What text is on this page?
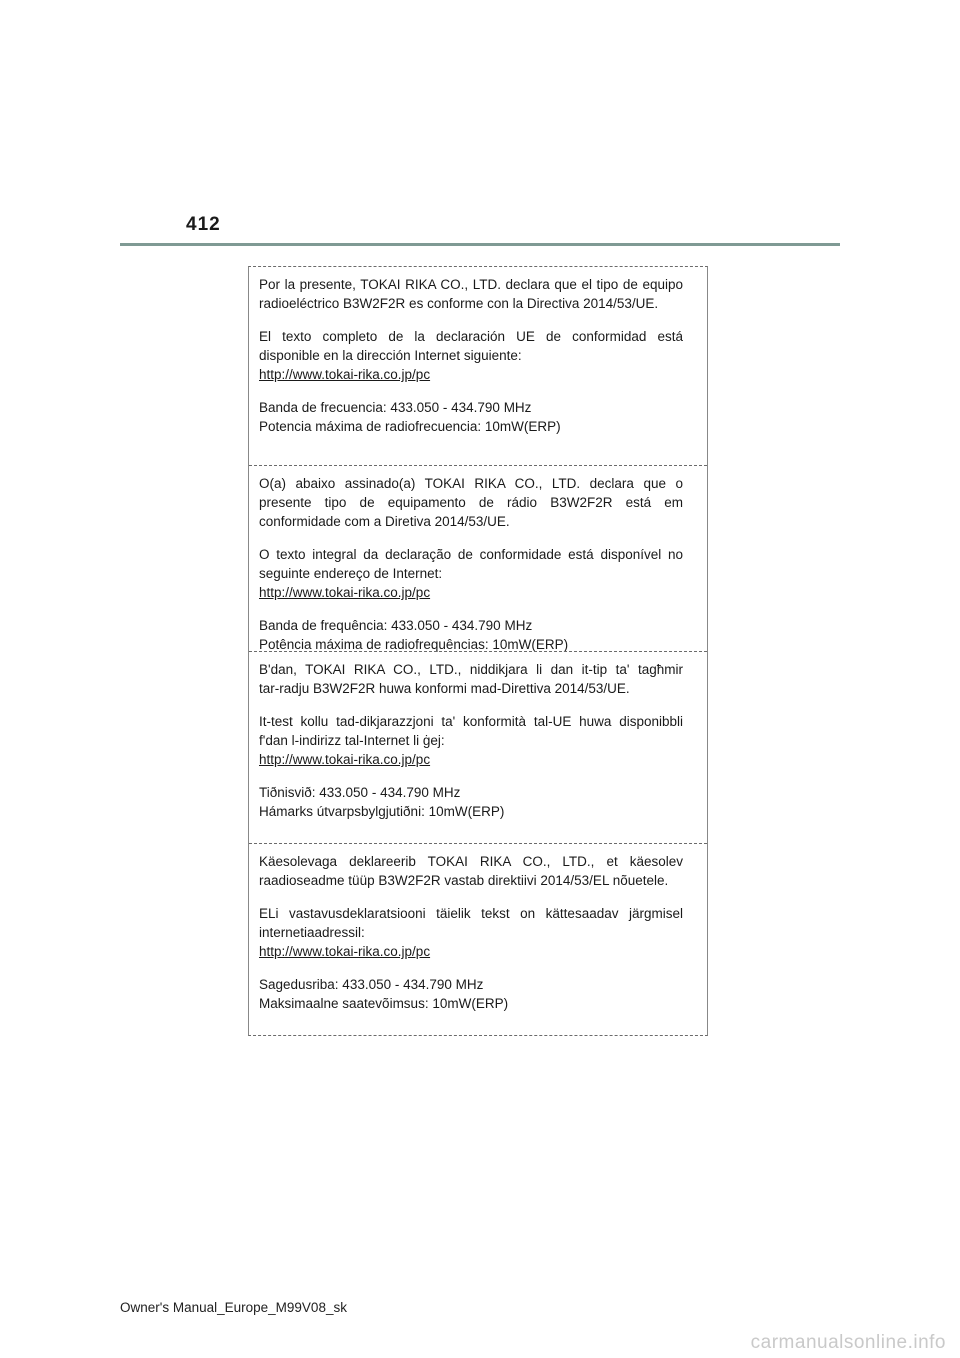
412
Por la presente, TOKAI RIKA CO., LTD. declara que el tipo de equipo
radioeléctrico B3W2F2R es conforme con la Directiva 2014/53/UE.
El texto completo de la declaración UE de conformidad está
disponible en la dirección Internet siguiente:
http://www.tokai-rika.co.jp/pc
Banda de frecuencia: 433.050 - 434.790 MHz
Potencia máxima de radiofrecuencia: 10mW(ERP)
O(a) abaixo assinado(a) TOKAI RIKA CO., LTD. declara que o
presente tipo de equipamento de rádio B3W2F2R está em
conformidade com a Diretiva 2014/53/UE.
O texto integral da declaração de conformidade está disponível no
seguinte endereço de Internet:
http://www.tokai-rika.co.jp/pc
Banda de frequência: 433.050 - 434.790 MHz
Potência máxima de radiofrequências: 10mW(ERP)
B'dan, TOKAI RIKA CO., LTD., niddikjara li dan it-tip ta' tagħmir
tar-radju B3W2F2R huwa konformi mad-Direttiva 2014/53/UE.
It-test kollu tad-dikjarazzjoni ta' konformità tal-UE huwa disponibbli
f'dan l-indirizz tal-Internet li ġej:
http://www.tokai-rika.co.jp/pc
Tiðnisvið: 433.050 - 434.790 MHz
Hámarks útvarpsbylgjutiðni: 10mW(ERP)
Käesolevaga deklareerib TOKAI RIKA CO., LTD., et käesolev
raadioseadme tüüp B3W2F2R vastab direktiivi 2014/53/EL nõuetele.
ELi vastavusdeklaratsiooni täielik tekst on kättesaadav järgmisel
internetiaadressil:
http://www.tokai-rika.co.jp/pc
Sagedusriba: 433.050 - 434.790 MHz
Maksimaalne saatevõimsus: 10mW(ERP)
Owner's Manual_Europe_M99V08_sk
carmanualsonline.info
